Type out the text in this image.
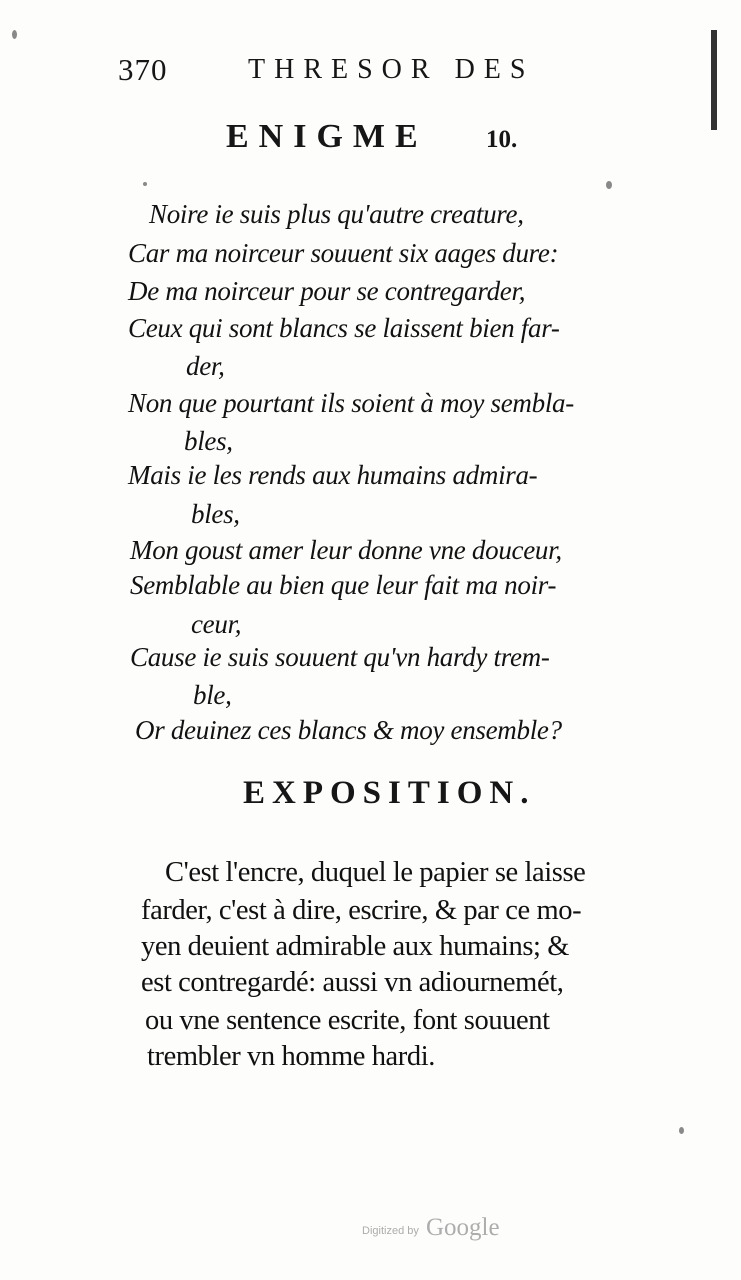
370	THRESOR DES
ENIGME 10.
Noire ie suis plus qu'autre creature,
Car ma noirceur souuent six aages dure:
De ma noirceur pour se contregarder,
Ceux qui sont blancs se laissent bien far-
der,
Non que pourtant ils soient à moy sembla-
bles,
Mais ie les rends aux humains admira-
bles,
Mon goust amer leur donne vne douceur,
Semblable au bien que leur fait ma noir-
ceur,
Cause ie suis souuent qu'vn hardy trem-
ble,
Or deuinez ces blancs & moy ensemble?
EXPOSITION.
C'est l'encre, duquel le papier se laisse
farder, c'est à dire, escrire, & par ce mo-
yen deuient admirable aux humains; &
est contregardé: aussi vn adiournemét,
ou vne sentence escrite, font souuent
trembler vn homme hardi.
Digitized by Google
